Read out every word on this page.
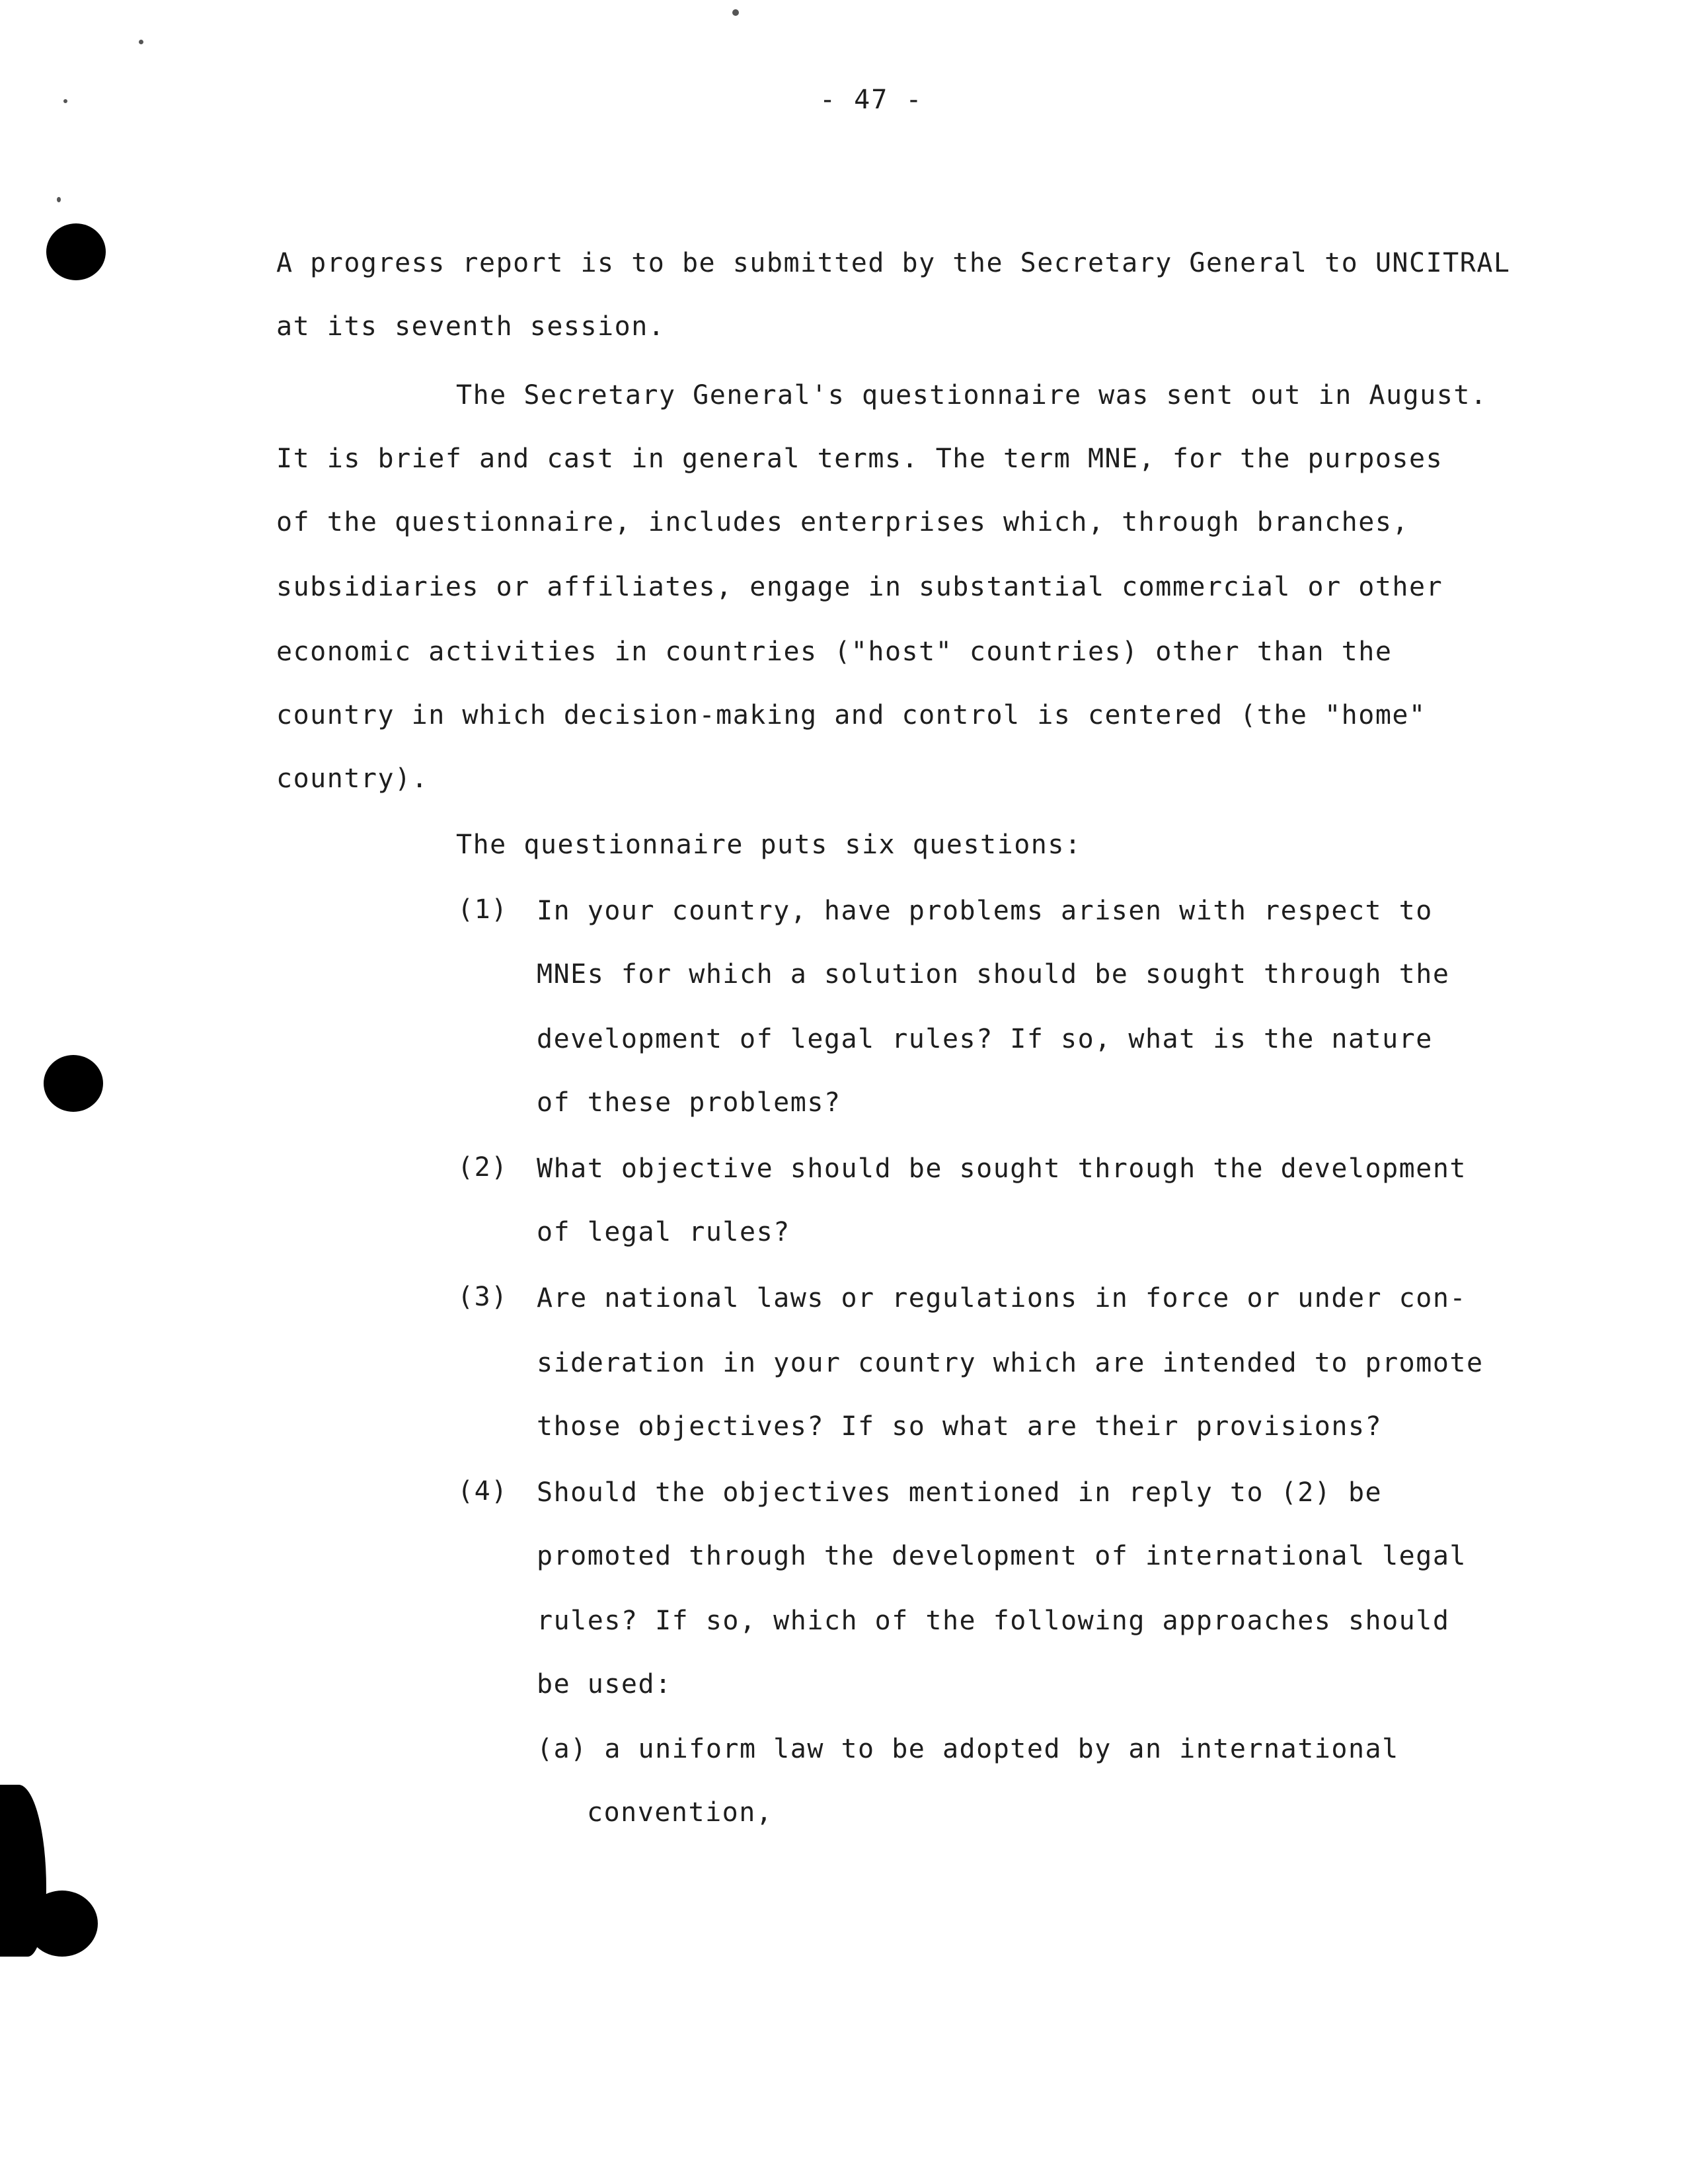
- 47 -
A progress report is to be submitted by the Secretary General to UNCITRAL
at its seventh session.
The Secretary General's questionnaire was sent out in August.
It is brief and cast in general terms. The term MNE, for the purposes
of the questionnaire, includes enterprises which, through branches,
subsidiaries or affiliates, engage in substantial commercial or other
economic activities in countries ("host" countries) other than the
country in which decision-making and control is centered (the "home"
country).
The questionnaire puts six questions:
(1) In your country, have problems arisen with respect to
MNEs for which a solution should be sought through the
development of legal rules? If so, what is the nature
of these problems?
(2) What objective should be sought through the development
of legal rules?
(3) Are national laws or regulations in force or under con-
sideration in your country which are intended to promote
those objectives? If so what are their provisions?
(4) Should the objectives mentioned in reply to (2) be
promoted through the development of international legal
rules? If so, which of the following approaches should
be used:
(a) a uniform law to be adopted by an international
convention,
